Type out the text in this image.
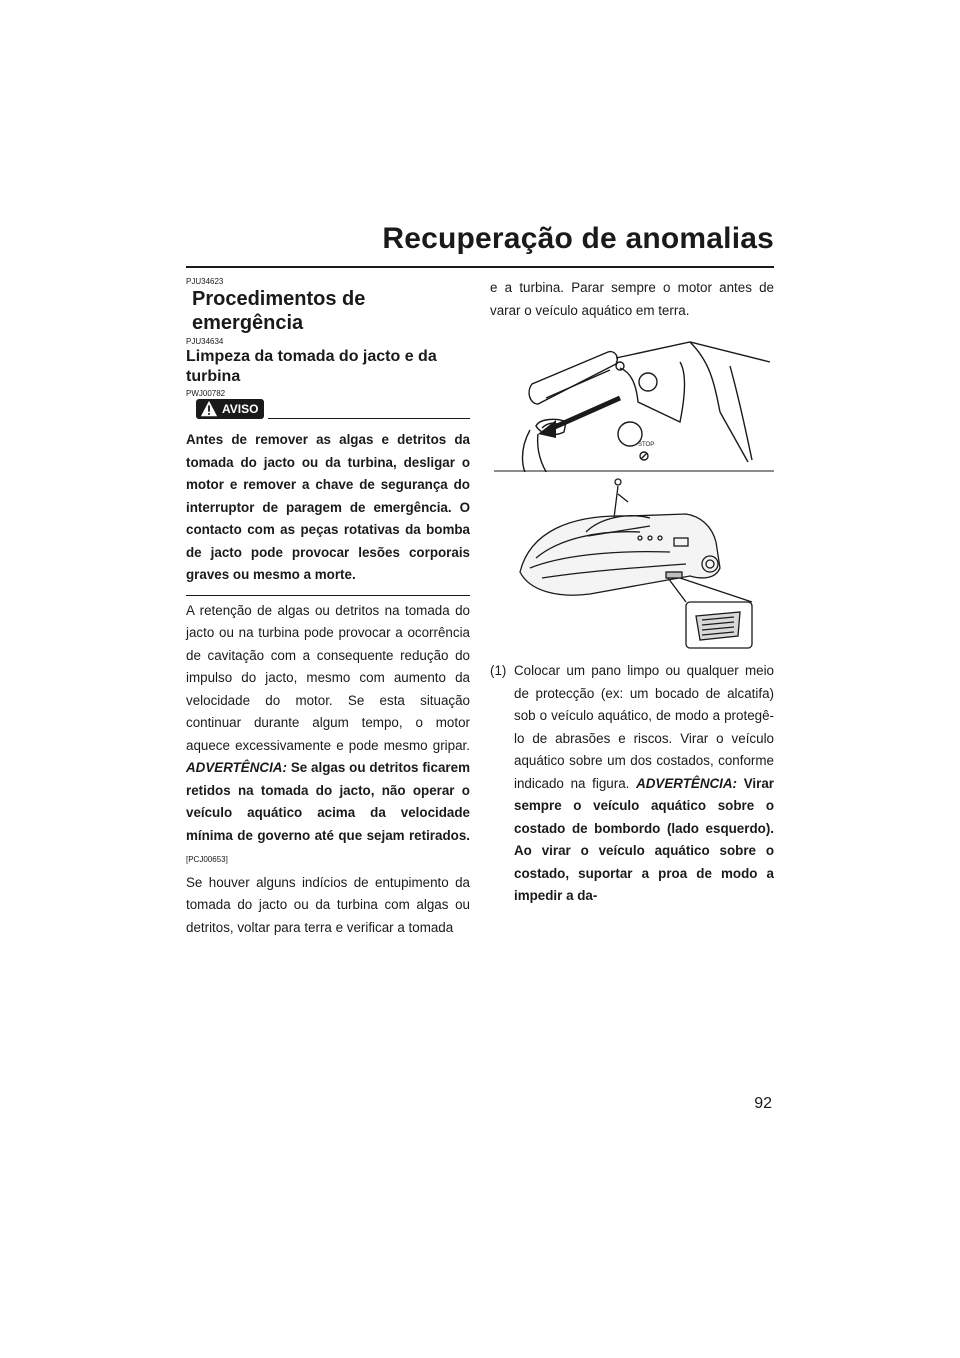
Recuperação de anomalias
PJU34623
Procedimentos de emergência
PJU34634
Limpeza da tomada do jacto e da turbina
PWJ00782
AVISO
Antes de remover as algas e detritos da tomada do jacto ou da turbina, desligar o motor e remover a chave de segurança do interruptor de paragem de emergência. O contacto com as peças rotativas da bomba de jacto pode provocar lesões corporais graves ou mesmo a morte.

A retenção de algas ou detritos na tomada do jacto ou na turbina pode provocar a ocorrência de cavitação com a consequente redução do impulso do jacto, mesmo com aumento da velocidade do motor. Se esta situação continuar durante algum tempo, o motor aquece excessivamente e pode mesmo gripar. ADVERTÊNCIA: Se algas ou detritos ficarem retidos na tomada do jacto, não operar o veículo aquático acima da velocidade mínima de governo até que sejam retirados. [PCJ00653]

Se houver alguns indícios de entupimento da tomada do jacto ou da turbina com algas ou detritos, voltar para terra e verificar a tomada

e a turbina. Parar sempre o motor antes de varar o veículo aquático em terra.

STOP
(1) Colocar um pano limpo ou qualquer meio de protecção (ex: um bocado de alcatifa) sob o veículo aquático, de modo a protegê-lo de abrasões e riscos. Virar o veículo aquático sobre um dos costados, conforme indicado na figura. ADVERTÊNCIA: Virar sempre o veículo aquático sobre o costado de bombordo (lado esquerdo). Ao virar o veículo aquático sobre o costado, suportar a proa de modo a impedir a da-
92
